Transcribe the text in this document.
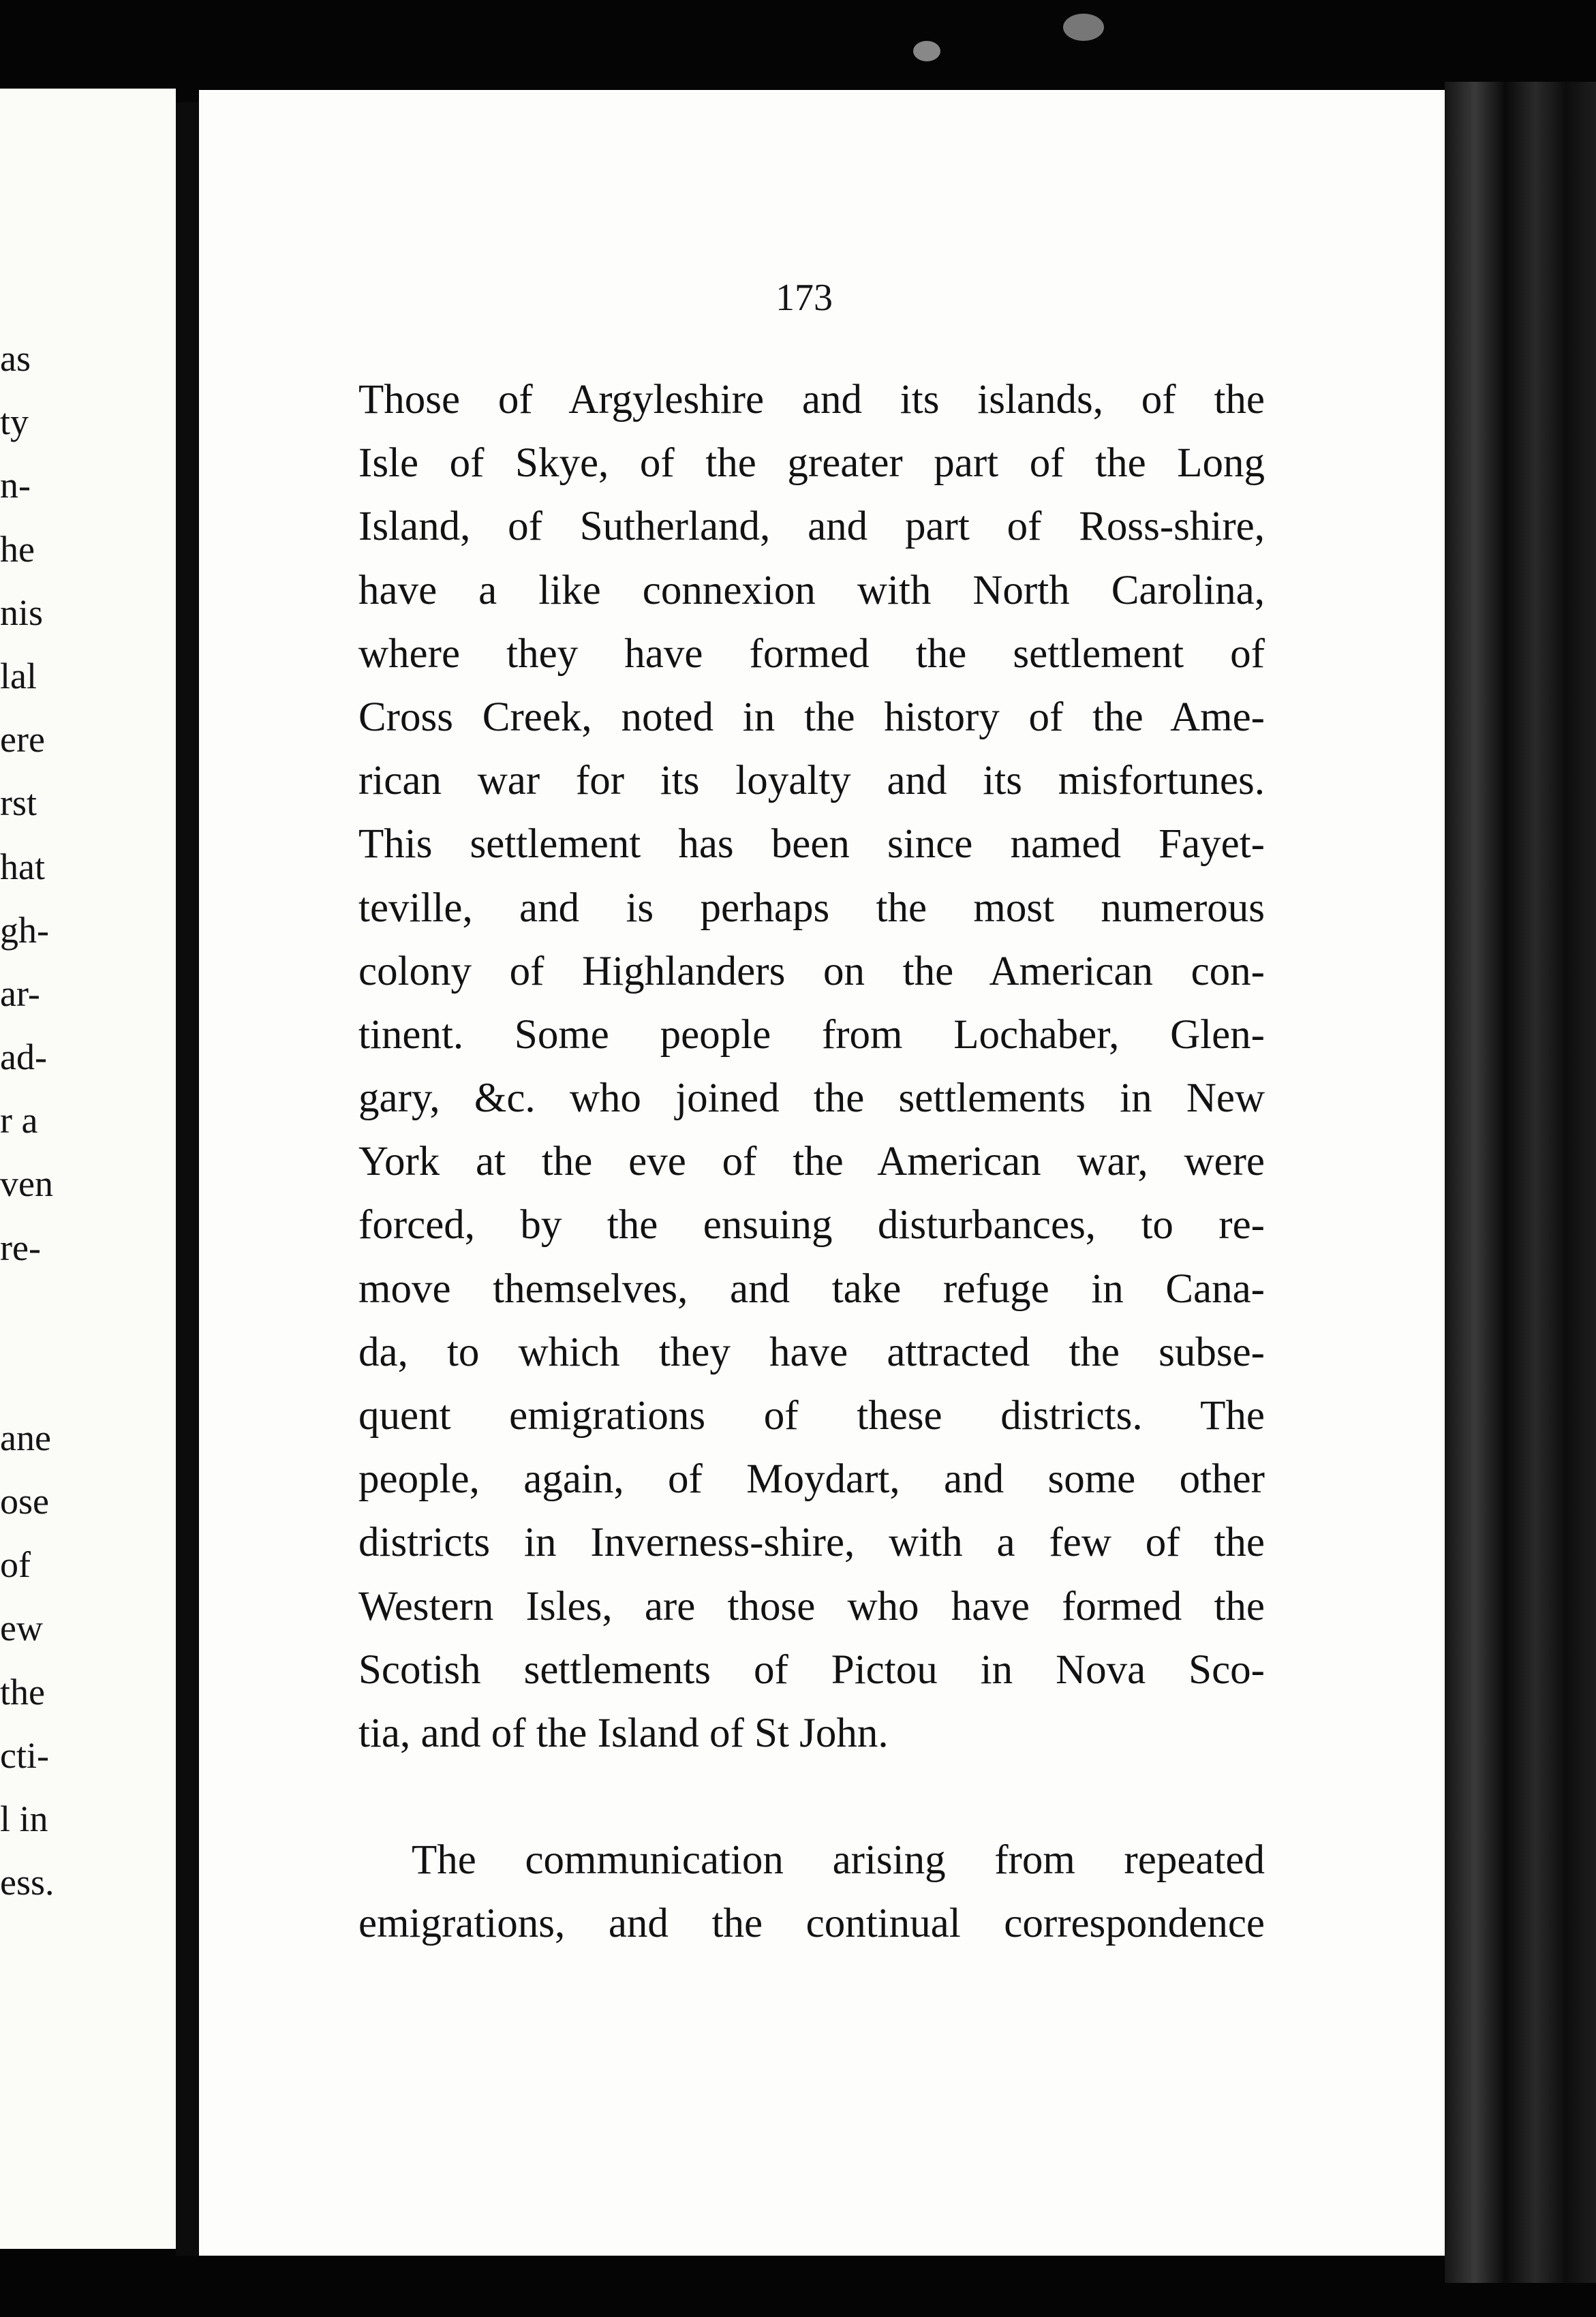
as
ty
n-
he
nis
lal
ere
rst
hat
gh-
ar-
ad-
r a
ven
re-
ane
ose
of
ew
the
cti-
l in
ess.
173

Those of Argyleshire and its islands, of the
Isle of Skye, of the greater part of the Long
Island, of Sutherland, and part of Ross-shire,
have a like connexion with North Carolina,
where they have formed the settlement of
Cross Creek, noted in the history of the Ame-
rican war for its loyalty and its misfortunes.
This settlement has been since named Fayet-
teville, and is perhaps the most numerous
colony of Highlanders on the American con-
tinent. Some people from Lochaber, Glen-
gary, &c. who joined the settlements in New
York at the eve of the American war, were
forced, by the ensuing disturbances, to re-
move themselves, and take refuge in Cana-
da, to which they have attracted the subse-
quent emigrations of these districts. The
people, again, of Moydart, and some other
districts in Inverness-shire, with a few of the
Western Isles, are those who have formed the
Scotish settlements of Pictou in Nova Sco-
tia, and of the Island of St John.

The communication arising from repeated
emigrations, and the continual correspondence
